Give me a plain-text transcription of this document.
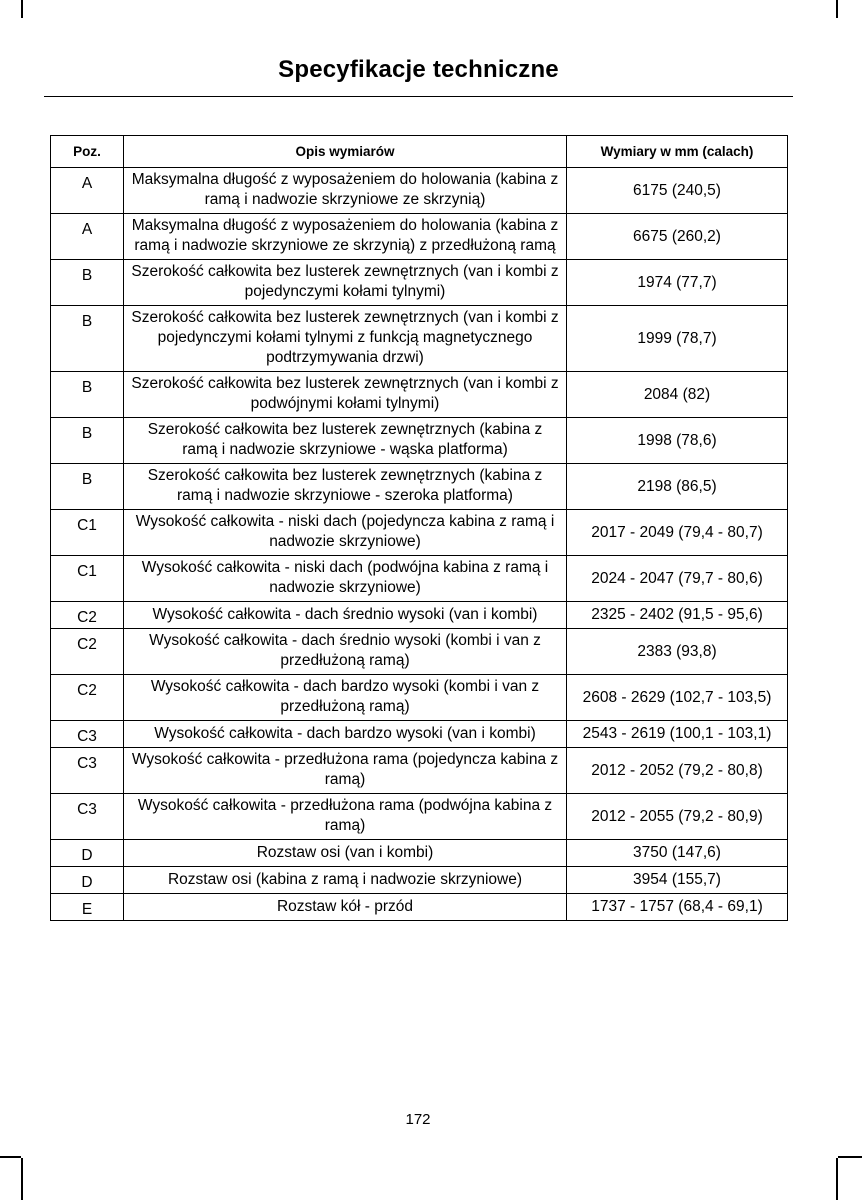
Specyfikacje techniczne
Poz.	Opis wymiarów	Wymiary w mm (calach)
A	Maksymalna długość z wyposażeniem do holowania (kabina z ramą i nadwozie skrzyniowe ze skrzynią)	6175 (240,5)
A	Maksymalna długość z wyposażeniem do holowania (kabina z ramą i nadwozie skrzyniowe ze skrzynią) z przedłużoną ramą	6675 (260,2)
B	Szerokość całkowita bez lusterek zewnętrznych (van i kombi z pojedynczymi kołami tylnymi)	1974 (77,7)
B	Szerokość całkowita bez lusterek zewnętrznych (van i kombi z pojedynczymi kołami tylnymi z funkcją magnetycznego podtrzymywania drzwi)	1999 (78,7)
B	Szerokość całkowita bez lusterek zewnętrznych (van i kombi z podwójnymi kołami tylnymi)	2084 (82)
B	Szerokość całkowita bez lusterek zewnętrznych (kabina z ramą i nadwozie skrzyniowe - wąska platforma)	1998 (78,6)
B	Szerokość całkowita bez lusterek zewnętrznych (kabina z ramą i nadwozie skrzyniowe - szeroka platforma)	2198 (86,5)
C1	Wysokość całkowita - niski dach (pojedyncza kabina z ramą i nadwozie skrzyniowe)	2017 - 2049 (79,4 - 80,7)
C1	Wysokość całkowita - niski dach (podwójna kabina z ramą i nadwozie skrzyniowe)	2024 - 2047 (79,7 - 80,6)
C2	Wysokość całkowita - dach średnio wysoki (van i kombi)	2325 - 2402 (91,5 - 95,6)
C2	Wysokość całkowita - dach średnio wysoki (kombi i van z przedłużoną ramą)	2383 (93,8)
C2	Wysokość całkowita - dach bardzo wysoki (kombi i van z przedłużoną ramą)	2608 - 2629 (102,7 - 103,5)
C3	Wysokość całkowita - dach bardzo wysoki (van i kombi)	2543 - 2619 (100,1 - 103,1)
C3	Wysokość całkowita - przedłużona rama (pojedyncza kabina z ramą)	2012 - 2052 (79,2 - 80,8)
C3	Wysokość całkowita - przedłużona rama (podwójna kabina z ramą)	2012 - 2055 (79,2 - 80,9)
D	Rozstaw osi (van i kombi)	3750 (147,6)
D	Rozstaw osi (kabina z ramą i nadwozie skrzyniowe)	3954 (155,7)
E	Rozstaw kół - przód	1737 - 1757 (68,4 - 69,1)
172
